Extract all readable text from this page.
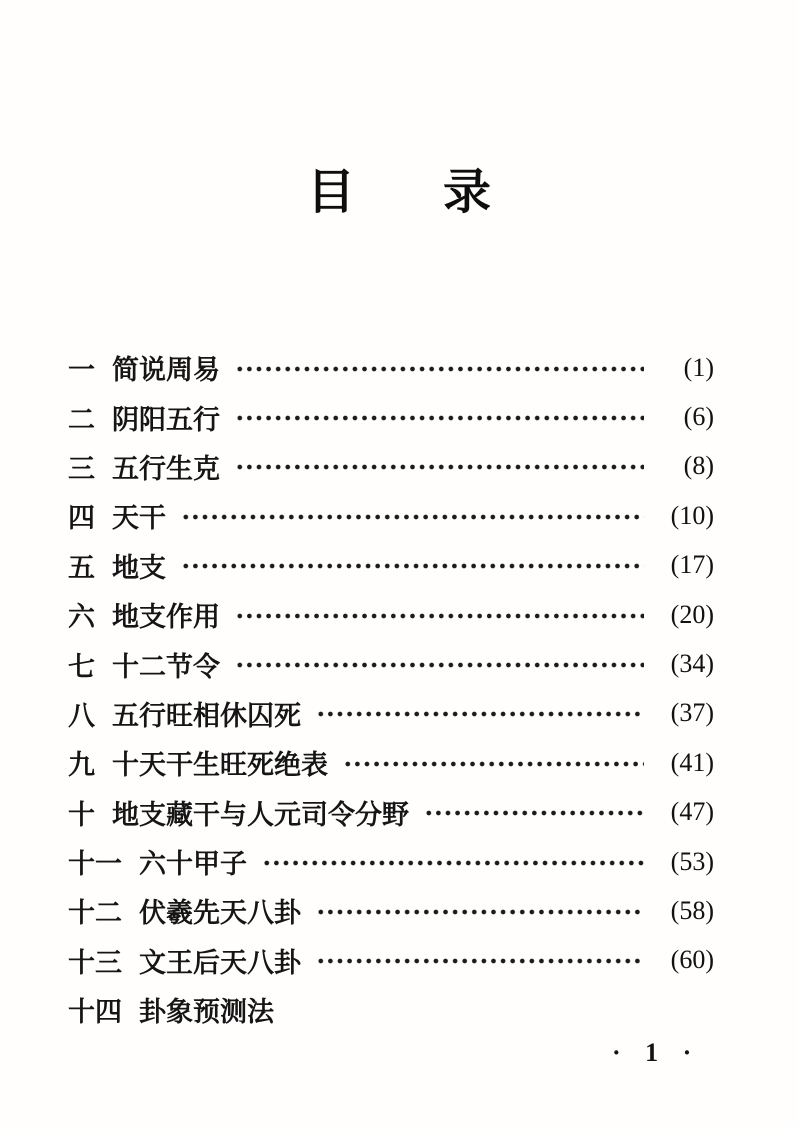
目 录
一 简说周易	(1)
二 阴阳五行	(6)
三 五行生克	(8)
四 天干	(10)
五 地支	(17)
六 地支作用	(20)
七 十二节令	(34)
八 五行旺相休囚死	(37)
九 十天干生旺死绝表	(41)
十 地支藏干与人元司令分野	(47)
十一 六十甲子	(53)
十二 伏羲先天八卦	(58)
十三 文王后天八卦	(60)
十四 卦象预测法
· 1 ·
